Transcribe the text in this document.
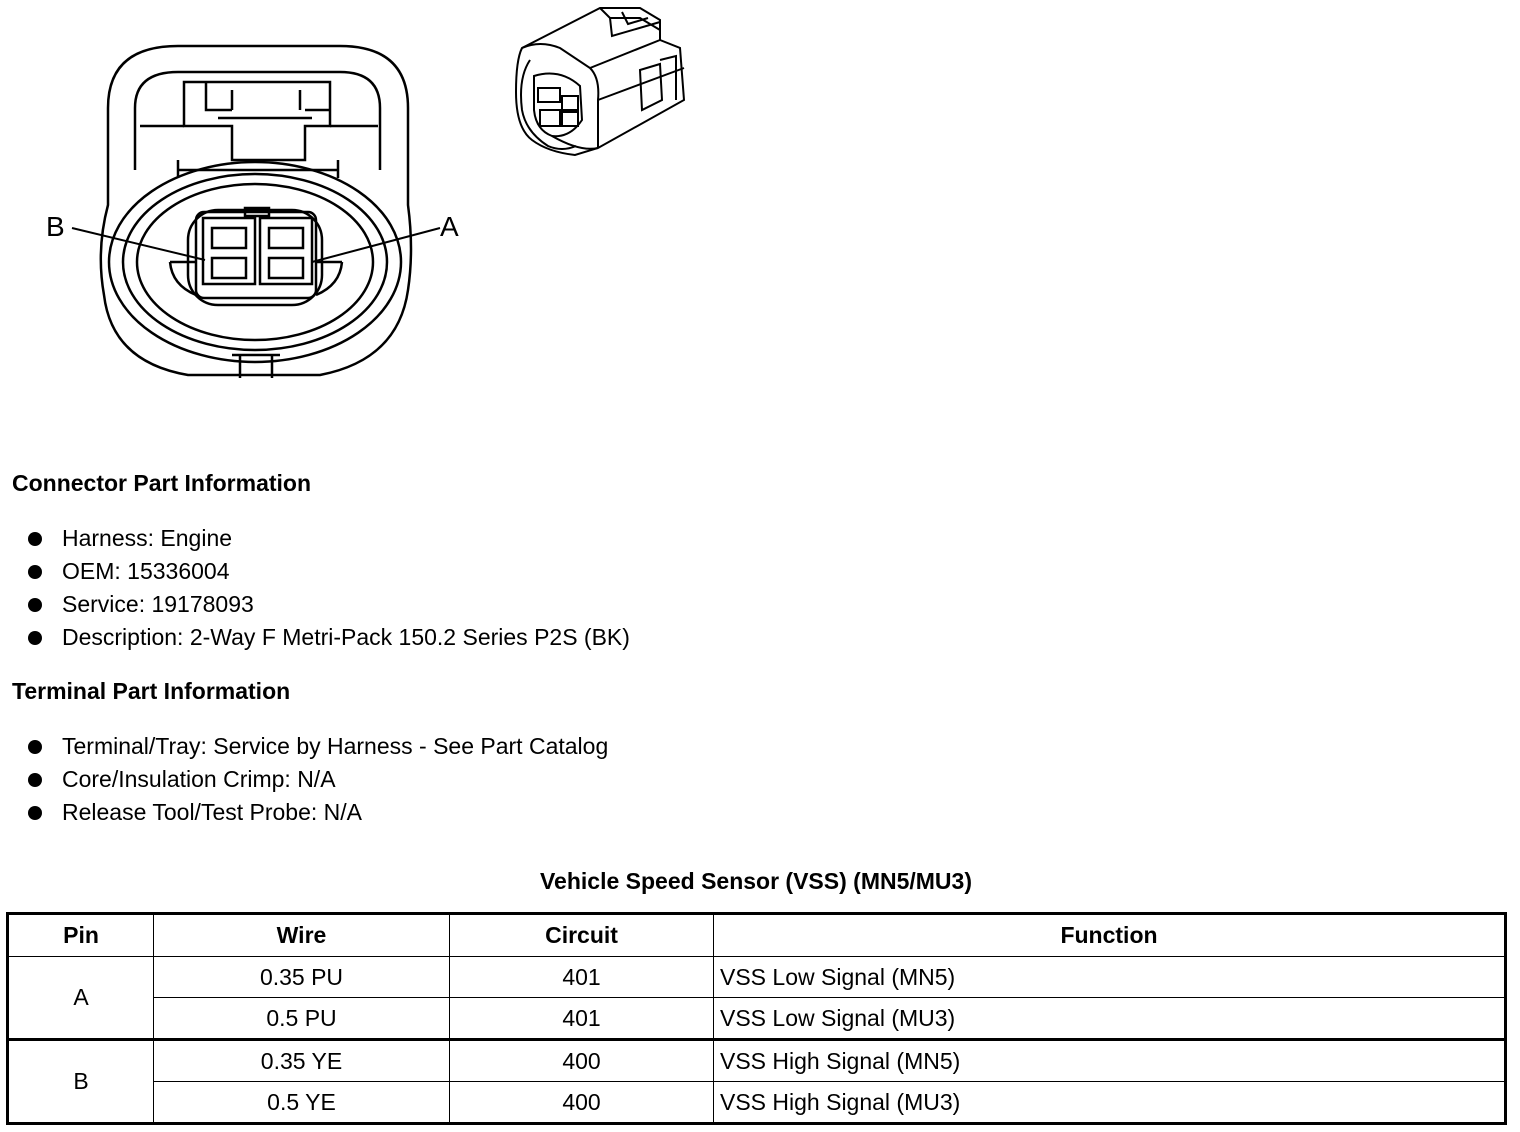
B	A
Connector Part Information
Harness: Engine
OEM: 15336004
Service: 19178093
Description: 2-Way F Metri-Pack 150.2 Series P2S (BK)
Terminal Part Information
Terminal/Tray: Service by Harness - See Part Catalog
Core/Insulation Crimp: N/A
Release Tool/Test Probe: N/A
Vehicle Speed Sensor (VSS) (MN5/MU3)
Pin	Wire	Circuit	Function
A	0.35 PU	401	VSS Low Signal (MN5)
	0.5 PU	401	VSS Low Signal (MU3)
B	0.35 YE	400	VSS High Signal (MN5)
	0.5 YE	400	VSS High Signal (MU3)
